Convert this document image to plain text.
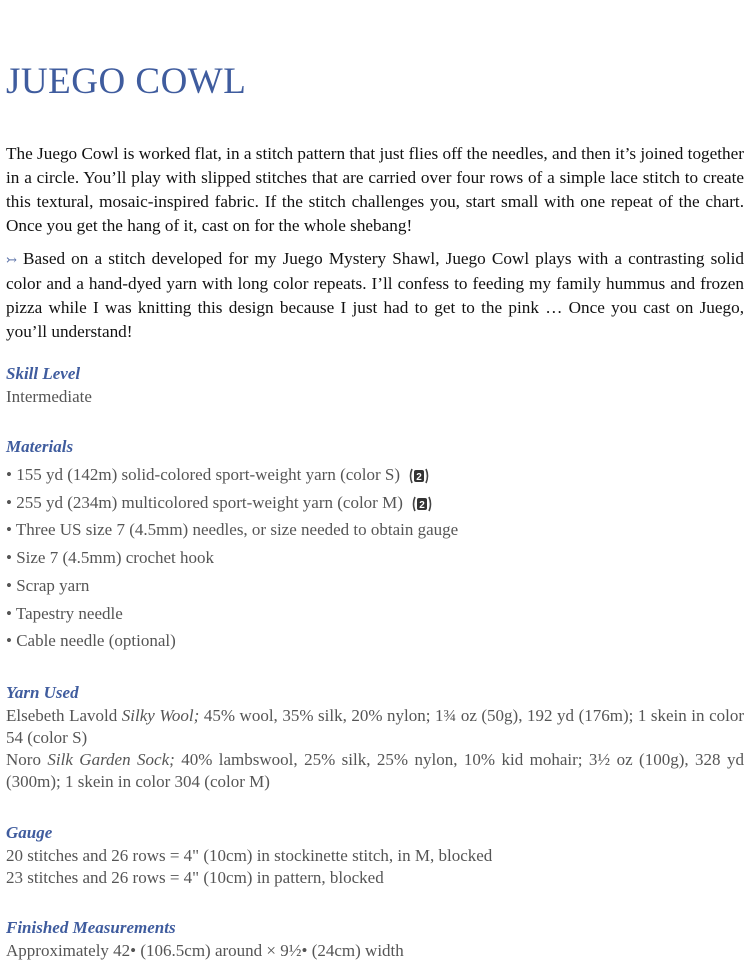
JUEGO COWL

The Juego Cowl is worked flat, in a stitch pattern that just flies off the needles, and then it’s joined together in a circle. You’ll play with slipped stitches that are carried over four rows of a simple lace stitch to create this textural, mosaic-inspired fabric. If the stitch challenges you, start small with one repeat of the chart. Once you get the hang of it, cast on for the whole shebang!

↣ Based on a stitch developed for my Juego Mystery Shawl, Juego Cowl plays with a contrasting solid color and a hand-dyed yarn with long color repeats. I’ll confess to feeding my family hummus and frozen pizza while I was knitting this design because I just had to get to the pink … Once you cast on Juego, you’ll understand!

Skill Level
Intermediate
Materials
• 155 yd (142m) solid-colored sport-weight yarn (color S) 2
• 255 yd (234m) multicolored sport-weight yarn (color M) 2
• Three US size 7 (4.5mm) needles, or size needed to obtain gauge
• Size 7 (4.5mm) crochet hook
• Scrap yarn
• Tapestry needle
• Cable needle (optional)
Yarn Used
Elsebeth Lavold Silky Wool; 45% wool, 35% silk, 20% nylon; 1¾ oz (50g), 192 yd (176m); 1 skein in color 54 (color S)
Noro Silk Garden Sock; 40% lambswool, 25% silk, 25% nylon, 10% kid mohair; 3½ oz (100g), 328 yd (300m); 1 skein in color 304 (color M)
Gauge
20 stitches and 26 rows = 4" (10cm) in stockinette stitch, in M, blocked
23 stitches and 26 rows = 4" (10cm) in pattern, blocked
Finished Measurements
Approximately 42• (106.5cm) around × 9½• (24cm) width
